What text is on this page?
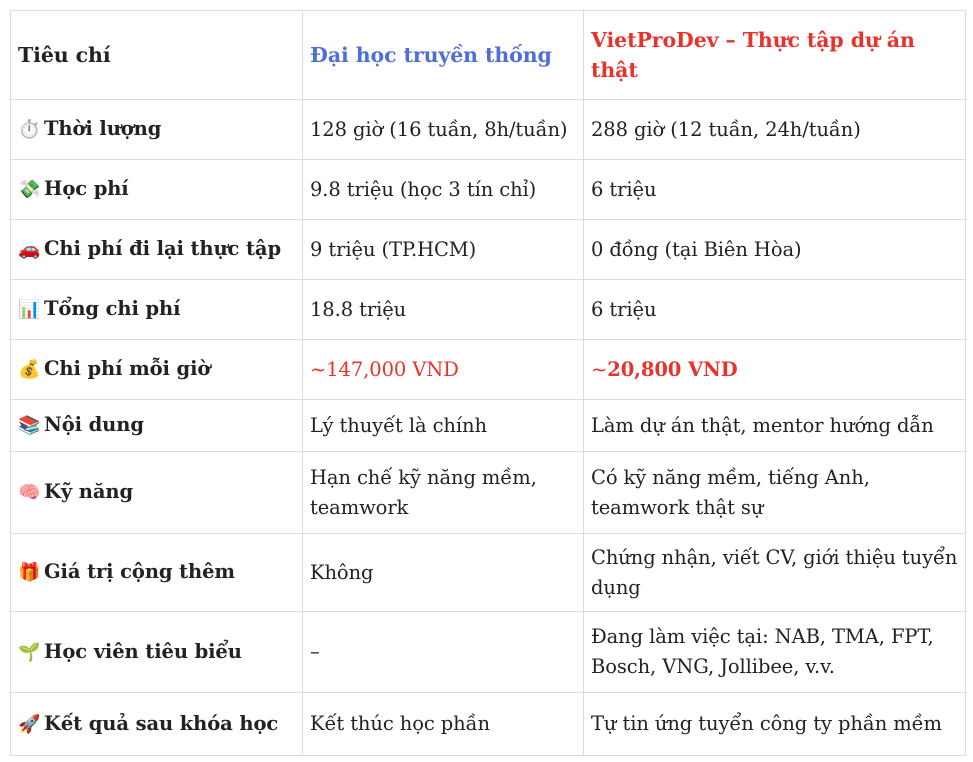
Tiêu chí	Đại học truyền thống	VietProDev – Thực tập dự án thật
⏱️ Thời lượng	128 giờ (16 tuần, 8h/tuần)	288 giờ (12 tuần, 24h/tuần)
💸 Học phí	9.8 triệu (học 3 tín chỉ)	6 triệu
🚗 Chi phí đi lại thực tập	9 triệu (TP.HCM)	0 đồng (tại Biên Hòa)
📊 Tổng chi phí	18.8 triệu	6 triệu
💰 Chi phí mỗi giờ	~147,000 VND	~20,800 VND
📚 Nội dung	Lý thuyết là chính	Làm dự án thật, mentor hướng dẫn
🧠 Kỹ năng	Hạn chế kỹ năng mềm, teamwork	Có kỹ năng mềm, tiếng Anh, teamwork thật sự
🎁 Giá trị cộng thêm	Không	Chứng nhận, viết CV, giới thiệu tuyển dụng
🌱 Học viên tiêu biểu	–	Đang làm việc tại: NAB, TMA, FPT, Bosch, VNG, Jollibee, v.v.
🚀 Kết quả sau khóa học	Kết thúc học phần	Tự tin ứng tuyển công ty phần mềm
